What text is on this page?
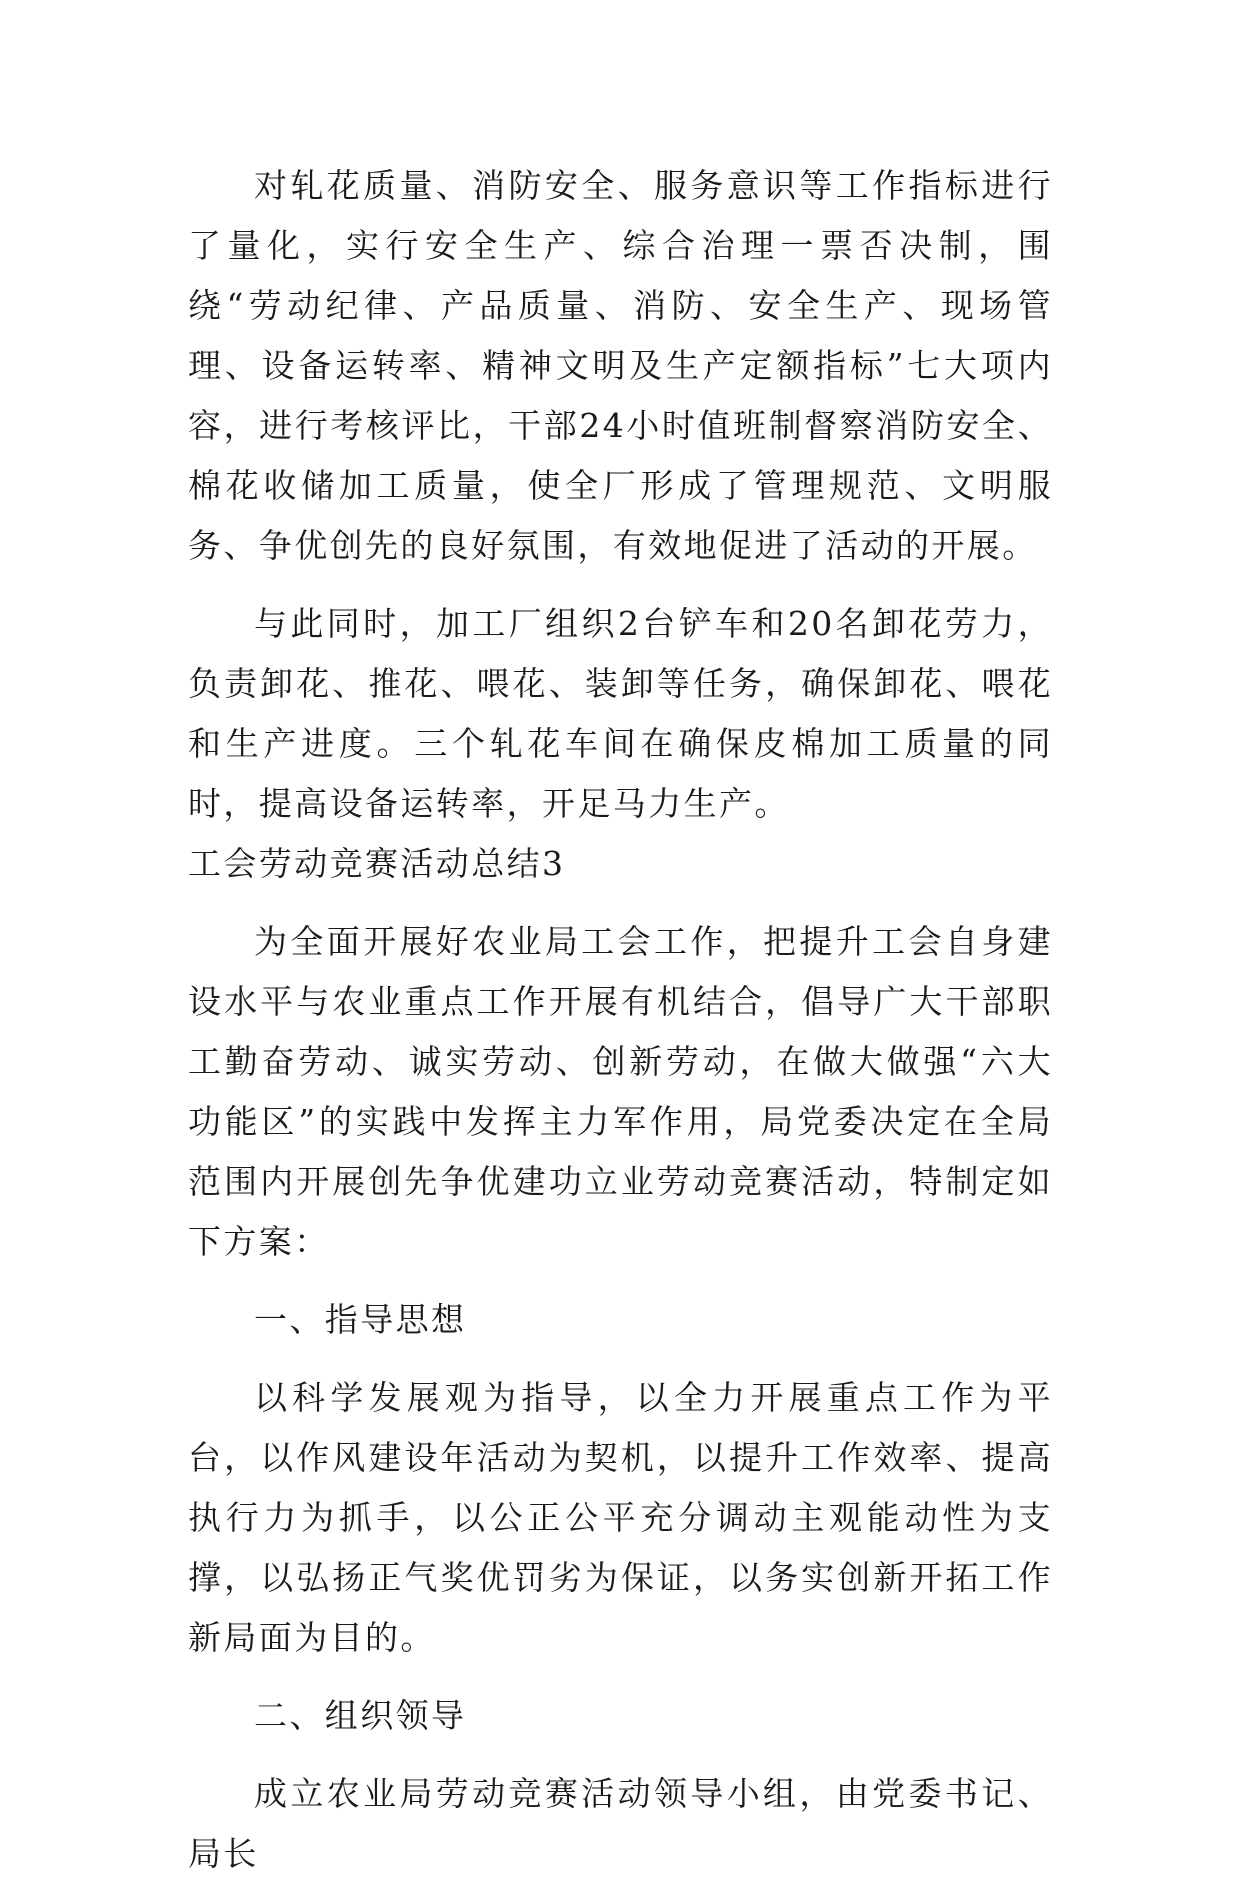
对轧花质量、消防安全、服务意识等工作指标进行了量化，实行安全生产、综合治理一票否决制，围绕“劳动纪律、产品质量、消防、安全生产、现场管理、设备运转率、精神文明及生产定额指标”七大项内容，进行考核评比，干部24小时值班制督察消防安全、棉花收储加工质量，使全厂形成了管理规范、文明服务、争优创先的良好氛围，有效地促进了活动的开展。

与此同时，加工厂组织2台铲车和20名卸花劳力，负责卸花、推花、喂花、装卸等任务，确保卸花、喂花和生产进度。三个轧花车间在确保皮棉加工质量的同时，提高设备运转率，开足马力生产。

工会劳动竞赛活动总结3

为全面开展好农业局工会工作，把提升工会自身建设水平与农业重点工作开展有机结合，倡导广大干部职工勤奋劳动、诚实劳动、创新劳动，在做大做强“六大功能区”的实践中发挥主力军作用，局党委决定在全局范围内开展创先争优建功立业劳动竞赛活动，特制定如下方案：

一、指导思想

以科学发展观为指导，以全力开展重点工作为平台，以作风建设年活动为契机，以提升工作效率、提高执行力为抓手，以公正公平充分调动主观能动性为支撑，以弘扬正气奖优罚劣为保证，以务实创新开拓工作新局面为目的。

二、组织领导

成立农业局劳动竞赛活动领导小组，由党委书记、局长
